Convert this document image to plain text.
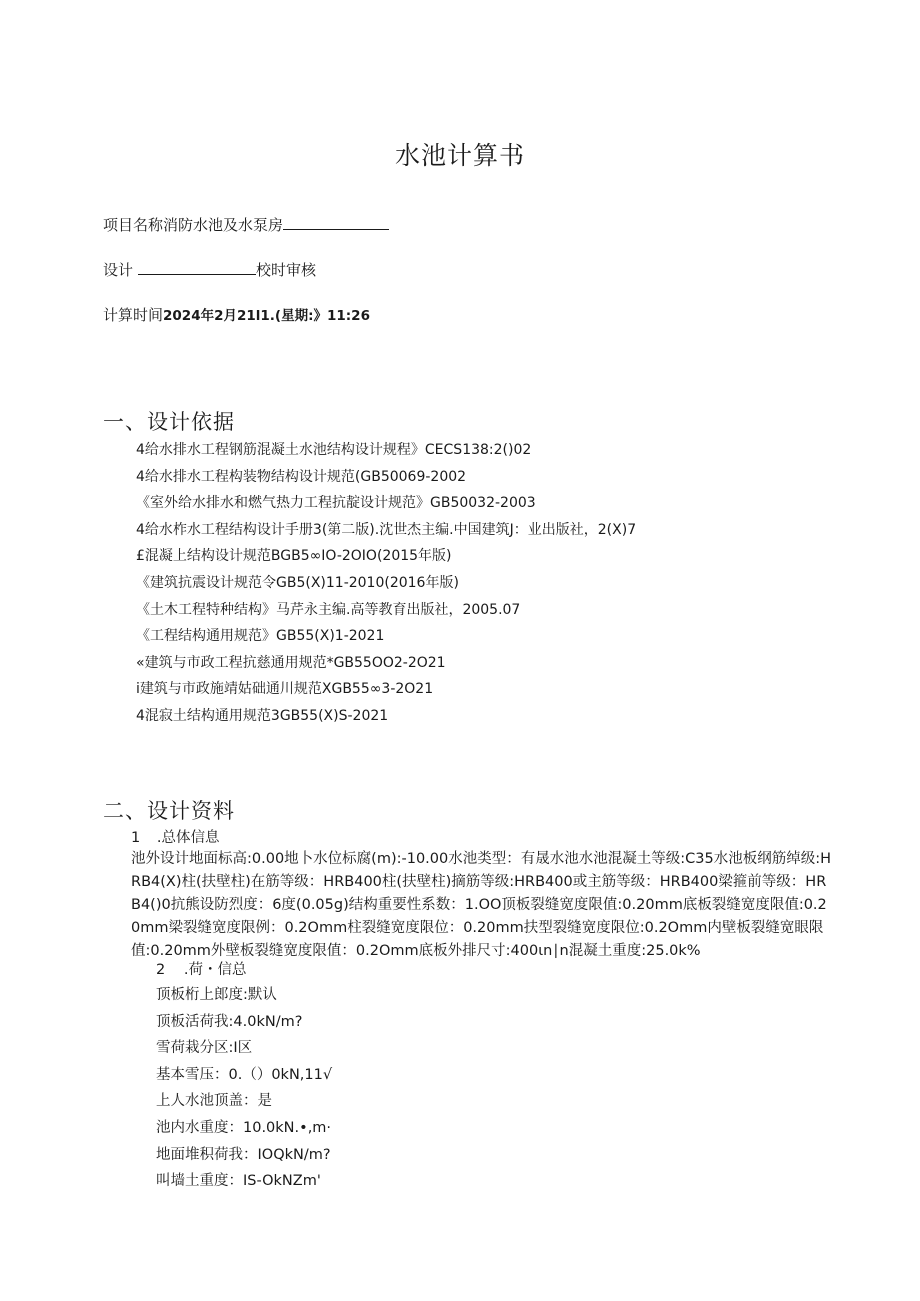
水池计算书
项目名称消防水池及水泵房
设计	校时审核
计算时间2024年2月21l1.(星期:》11:26
一、设计依据
4给水排水工程钢筋混凝土水池结构设计规程》CECS138:2()02
4给水排水工程构装物结构设计规范(GB50069-2002
《室外给水排水和燃气热力工程抗靛设计规范》GB50032-2003
4给水柞水工程结构设计手册3(第二版).沈世杰主编.中国建筑J：业出版社，2(X)7
£混凝上结构设计规范BGB5∞IO-2OIO(2015年版)
《建筑抗震设计规范令GB5(X)11-2010(2016年版)
《土木工程特种结构》马芹永主编.高等教育出版社，2005.07
《工程结构通用规范》GB55(X)1-2021
«建筑与市政工程抗慈通用规范*GB55OO2-2O21
i建筑与市政施靖姑础通川规范XGB55∞3-2O21
4混寂土结构通用规范3GB55(X)S-2021
二、设计资料
1 .总体信息

池外设计地面标高:0.00地卜水位标腐(m):-10.00水池类型：有晟水池水池混凝土等级:C35水池板纲筋绰级:HRB4(X)柱(扶壁柱)在筋等级：HRB400柱(扶壁柱)摘筋等级:HRB400或主筋等级：HRB400梁箍前等级：HRB4()0抗熊设防烈度：6度(0.05g)结构重要性系数：1.OO顶板裂缝宽度限值:0.20mm底板裂缝宽度限值:0.20mm梁裂缝宽度限例：0.2Omm柱裂缝宽度限位：0.20mm扶型裂缝宽度限位:0.2Omm内壁板裂缝宽眼限值:0.20mm外壁板裂缝宽度限值：0.2Omm底板外排尺寸:400ιn∣n混凝土重度:25.0k%

2 .荷・信总
顶板桁上郎度:默认
顶板活荷我:4.0kN/m?
雪荷栽分区:I区
基本雪压：0.（）0kN,11√
上人水池顶盖：是
池内水重度：10.0kN.•,m·
地面堆积荷我：IOQkN/m?
叫墙土重度：IS-OkNZm'
